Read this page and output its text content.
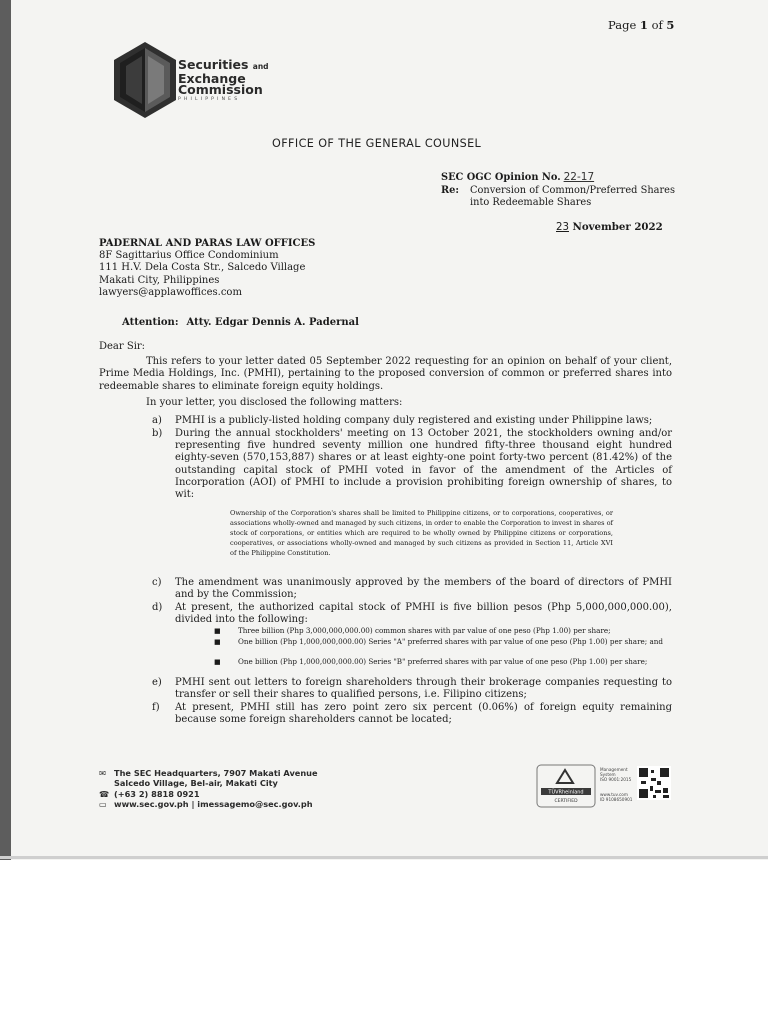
Page 1 of 5
Securities and
Exchange
Commission
PHILIPPINES
OFFICE OF THE GENERAL COUNSEL
SEC OGC Opinion No. 22-17
Re: Conversion of Common/Preferred Shares into Redeemable Shares
23 November 2022
PADERNAL AND PARAS LAW OFFICES
8F Sagittarius Office Condominium
111 H.V. Dela Costa Str., Salcedo Village
Makati City, Philippines
lawyers@applawoffices.com
Attention: Atty. Edgar Dennis A. Padernal
Dear Sir:

This refers to your letter dated 05 September 2022 requesting for an opinion on behalf of your client, Prime Media Holdings, Inc. (PMHI), pertaining to the proposed conversion of common or preferred shares into redeemable shares to eliminate foreign equity holdings.

In your letter, you disclosed the following matters:
a) PMHI is a publicly-listed holding company duly registered and existing under Philippine laws;
b) During the annual stockholders' meeting on 13 October 2021, the stockholders owning and/or representing five hundred seventy million one hundred fifty-three thousand eight hundred eighty-seven (570,153,887) shares or at least eighty-one point forty-two percent (81.42%) of the outstanding capital stock of PMHI voted in favor of the amendment of the Articles of Incorporation (AOI) of PMHI to include a provision prohibiting foreign ownership of shares, to wit:

Ownership of the Corporation's shares shall be limited to Philippine citizens, or to corporations, cooperatives, or associations wholly-owned and managed by such citizens, in order to enable the Corporation to invest in shares of stock of corporations, or entities which are required to be wholly owned by Philippine citizens or corporations, cooperatives, or associations wholly-owned and managed by such citizens as provided in Section 11, Article XVI of the Philippine Constitution.

c) The amendment was unanimously approved by the members of the board of directors of PMHI and by the Commission;
d) At present, the authorized capital stock of PMHI is five billion pesos (Php 5,000,000,000.00), divided into the following:
■ Three billion (Php 3,000,000,000.00) common shares with par value of one peso (Php 1.00) per share;
■ One billion (Php 1,000,000,000.00) Series "A" preferred shares with par value of one peso (Php 1.00) per share; and
■ One billion (Php 1,000,000,000.00) Series "B" preferred shares with par value of one peso (Php 1.00) per share;
e) PMHI sent out letters to foreign shareholders through their brokerage companies requesting to transfer or sell their shares to qualified persons, i.e. Filipino citizens;
f) At present, PMHI still has zero point zero six percent (0.06%) of foreign equity remaining because some foreign shareholders cannot be located;
✉ The SEC Headquarters, 7907 Makati Avenue
Salcedo Village, Bel-air, Makati City
☎ (+63 2) 8818 0921
▭ www.sec.gov.ph | imessagemo@sec.gov.ph
TÜVRheinland
CERTIFIED
Management
System
ISO 9001:2015
www.tuv.com
ID 9108650901
